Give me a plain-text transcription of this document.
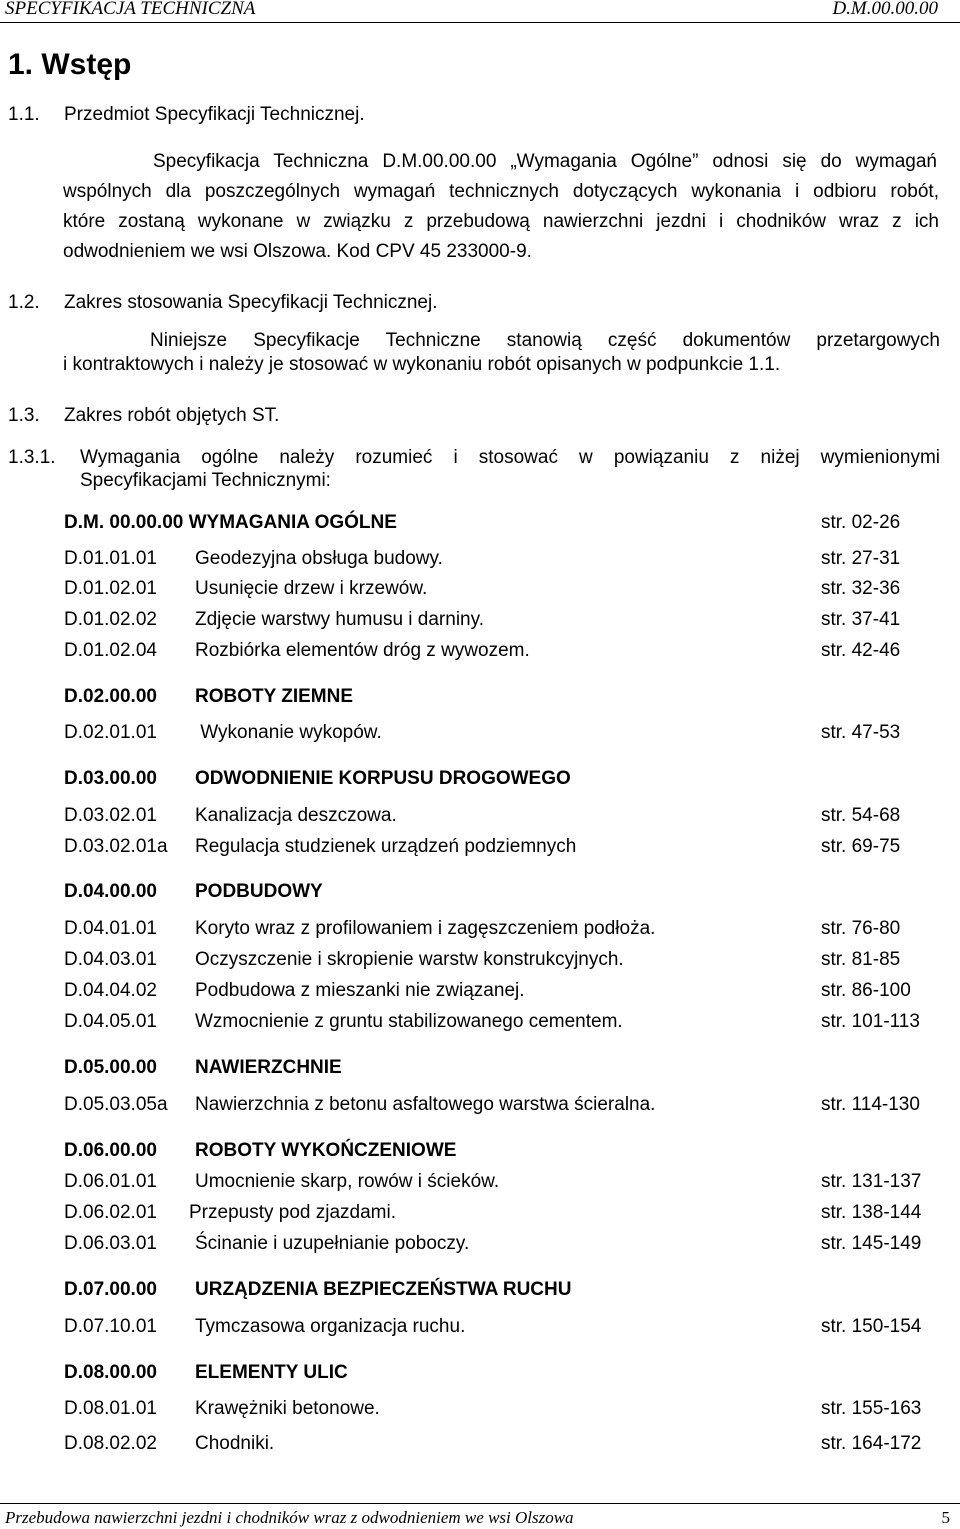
SPECYFIKACJA TECHNICZNA	D.M.00.00.00
1. Wstęp
1.1. Przedmiot Specyfikacji Technicznej.
Specyfikacja Techniczna D.M.00.00.00 „Wymagania Ogólne” odnosi się do wymagań
wspólnych dla poszczególnych wymagań technicznych dotyczących wykonania i odbioru robót,
które zostaną wykonane w związku z przebudową nawierzchni jezdni i chodników wraz z ich
odwodnieniem we wsi Olszowa. Kod CPV 45 233000-9.
1.2. Zakres stosowania Specyfikacji Technicznej.
Niniejsze Specyfikacje Techniczne stanowią część dokumentów przetargowych
i kontraktowych i należy je stosować w wykonaniu robót opisanych w podpunkcie 1.1.
1.3. Zakres robót objętych ST.
1.3.1. Wymagania ogólne należy rozumieć i stosować w powiązaniu z niżej wymienionymi
Specyfikacjami Technicznymi:
D.M. 00.00.00 WYMAGANIA OGÓLNE	str. 02-26
D.01.01.01 Geodezyjna obsługa budowy.	str. 27-31
D.01.02.01 Usunięcie drzew i krzewów.	str. 32-36
D.01.02.02 Zdjęcie warstwy humusu i darniny.	str. 37-41
D.01.02.04 Rozbiórka elementów dróg z wywozem.	str. 42-46
D.02.00.00 ROBOTY ZIEMNE
D.02.01.01 Wykonanie wykopów.	str. 47-53
D.03.00.00 ODWODNIENIE KORPUSU DROGOWEGO
D.03.02.01 Kanalizacja deszczowa.	str. 54-68
D.03.02.01a Regulacja studzienek urządzeń podziemnych	str. 69-75
D.04.00.00 PODBUDOWY
D.04.01.01 Koryto wraz z profilowaniem i zagęszczeniem podłoża.	str. 76-80
D.04.03.01 Oczyszczenie i skropienie warstw konstrukcyjnych.	str. 81-85
D.04.04.02 Podbudowa z mieszanki nie związanej.	str. 86-100
D.04.05.01 Wzmocnienie z gruntu stabilizowanego cementem.	str. 101-113
D.05.00.00 NAWIERZCHNIE
D.05.03.05a Nawierzchnia z betonu asfaltowego warstwa ścieralna.	str. 114-130
D.06.00.00 ROBOTY WYKOŃCZENIOWE
D.06.01.01 Umocnienie skarp, rowów i ścieków.	str. 131-137
D.06.02.01 Przepusty pod zjazdami.	str. 138-144
D.06.03.01 Ścinanie i uzupełnianie poboczy.	str. 145-149
D.07.00.00 URZĄDZENIA BEZPIECZEŃSTWA RUCHU
D.07.10.01 Tymczasowa organizacja ruchu.	str. 150-154
D.08.00.00 ELEMENTY ULIC
D.08.01.01 Krawężniki betonowe.	str. 155-163
D.08.02.02 Chodniki.	str. 164-172
Przebudowa nawierzchni jezdni i chodników wraz z odwodnieniem we wsi Olszowa	5
